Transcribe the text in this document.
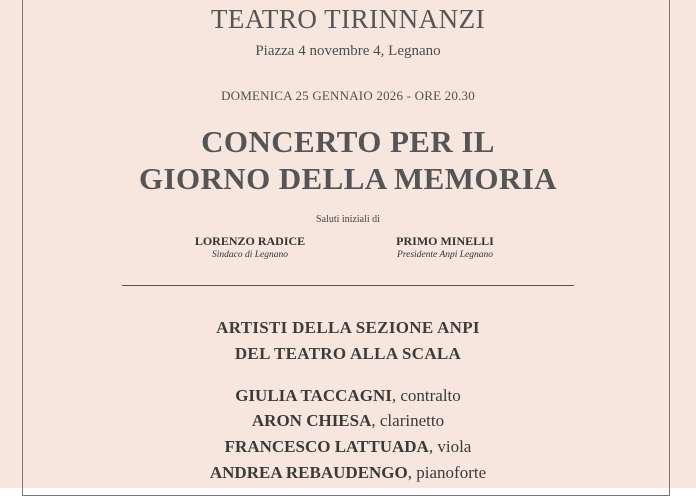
TEATRO TIRINNANZI
Piazza 4 novembre 4, Legnano
DOMENICA 25 GENNAIO 2026 - ORE 20.30
CONCERTO PER IL
GIORNO DELLA MEMORIA
Saluti iniziali di
LORENZO RADICE
Sindaco di Legnano
PRIMO MINELLI
Presidente Anpi Legnano
ARTISTI DELLA SEZIONE ANPI
DEL TEATRO ALLA SCALA
GIULIA TACCAGNI, contralto
ARON CHIESA, clarinetto
FRANCESCO LATTUADA, viola
ANDREA REBAUDENGO, pianoforte
